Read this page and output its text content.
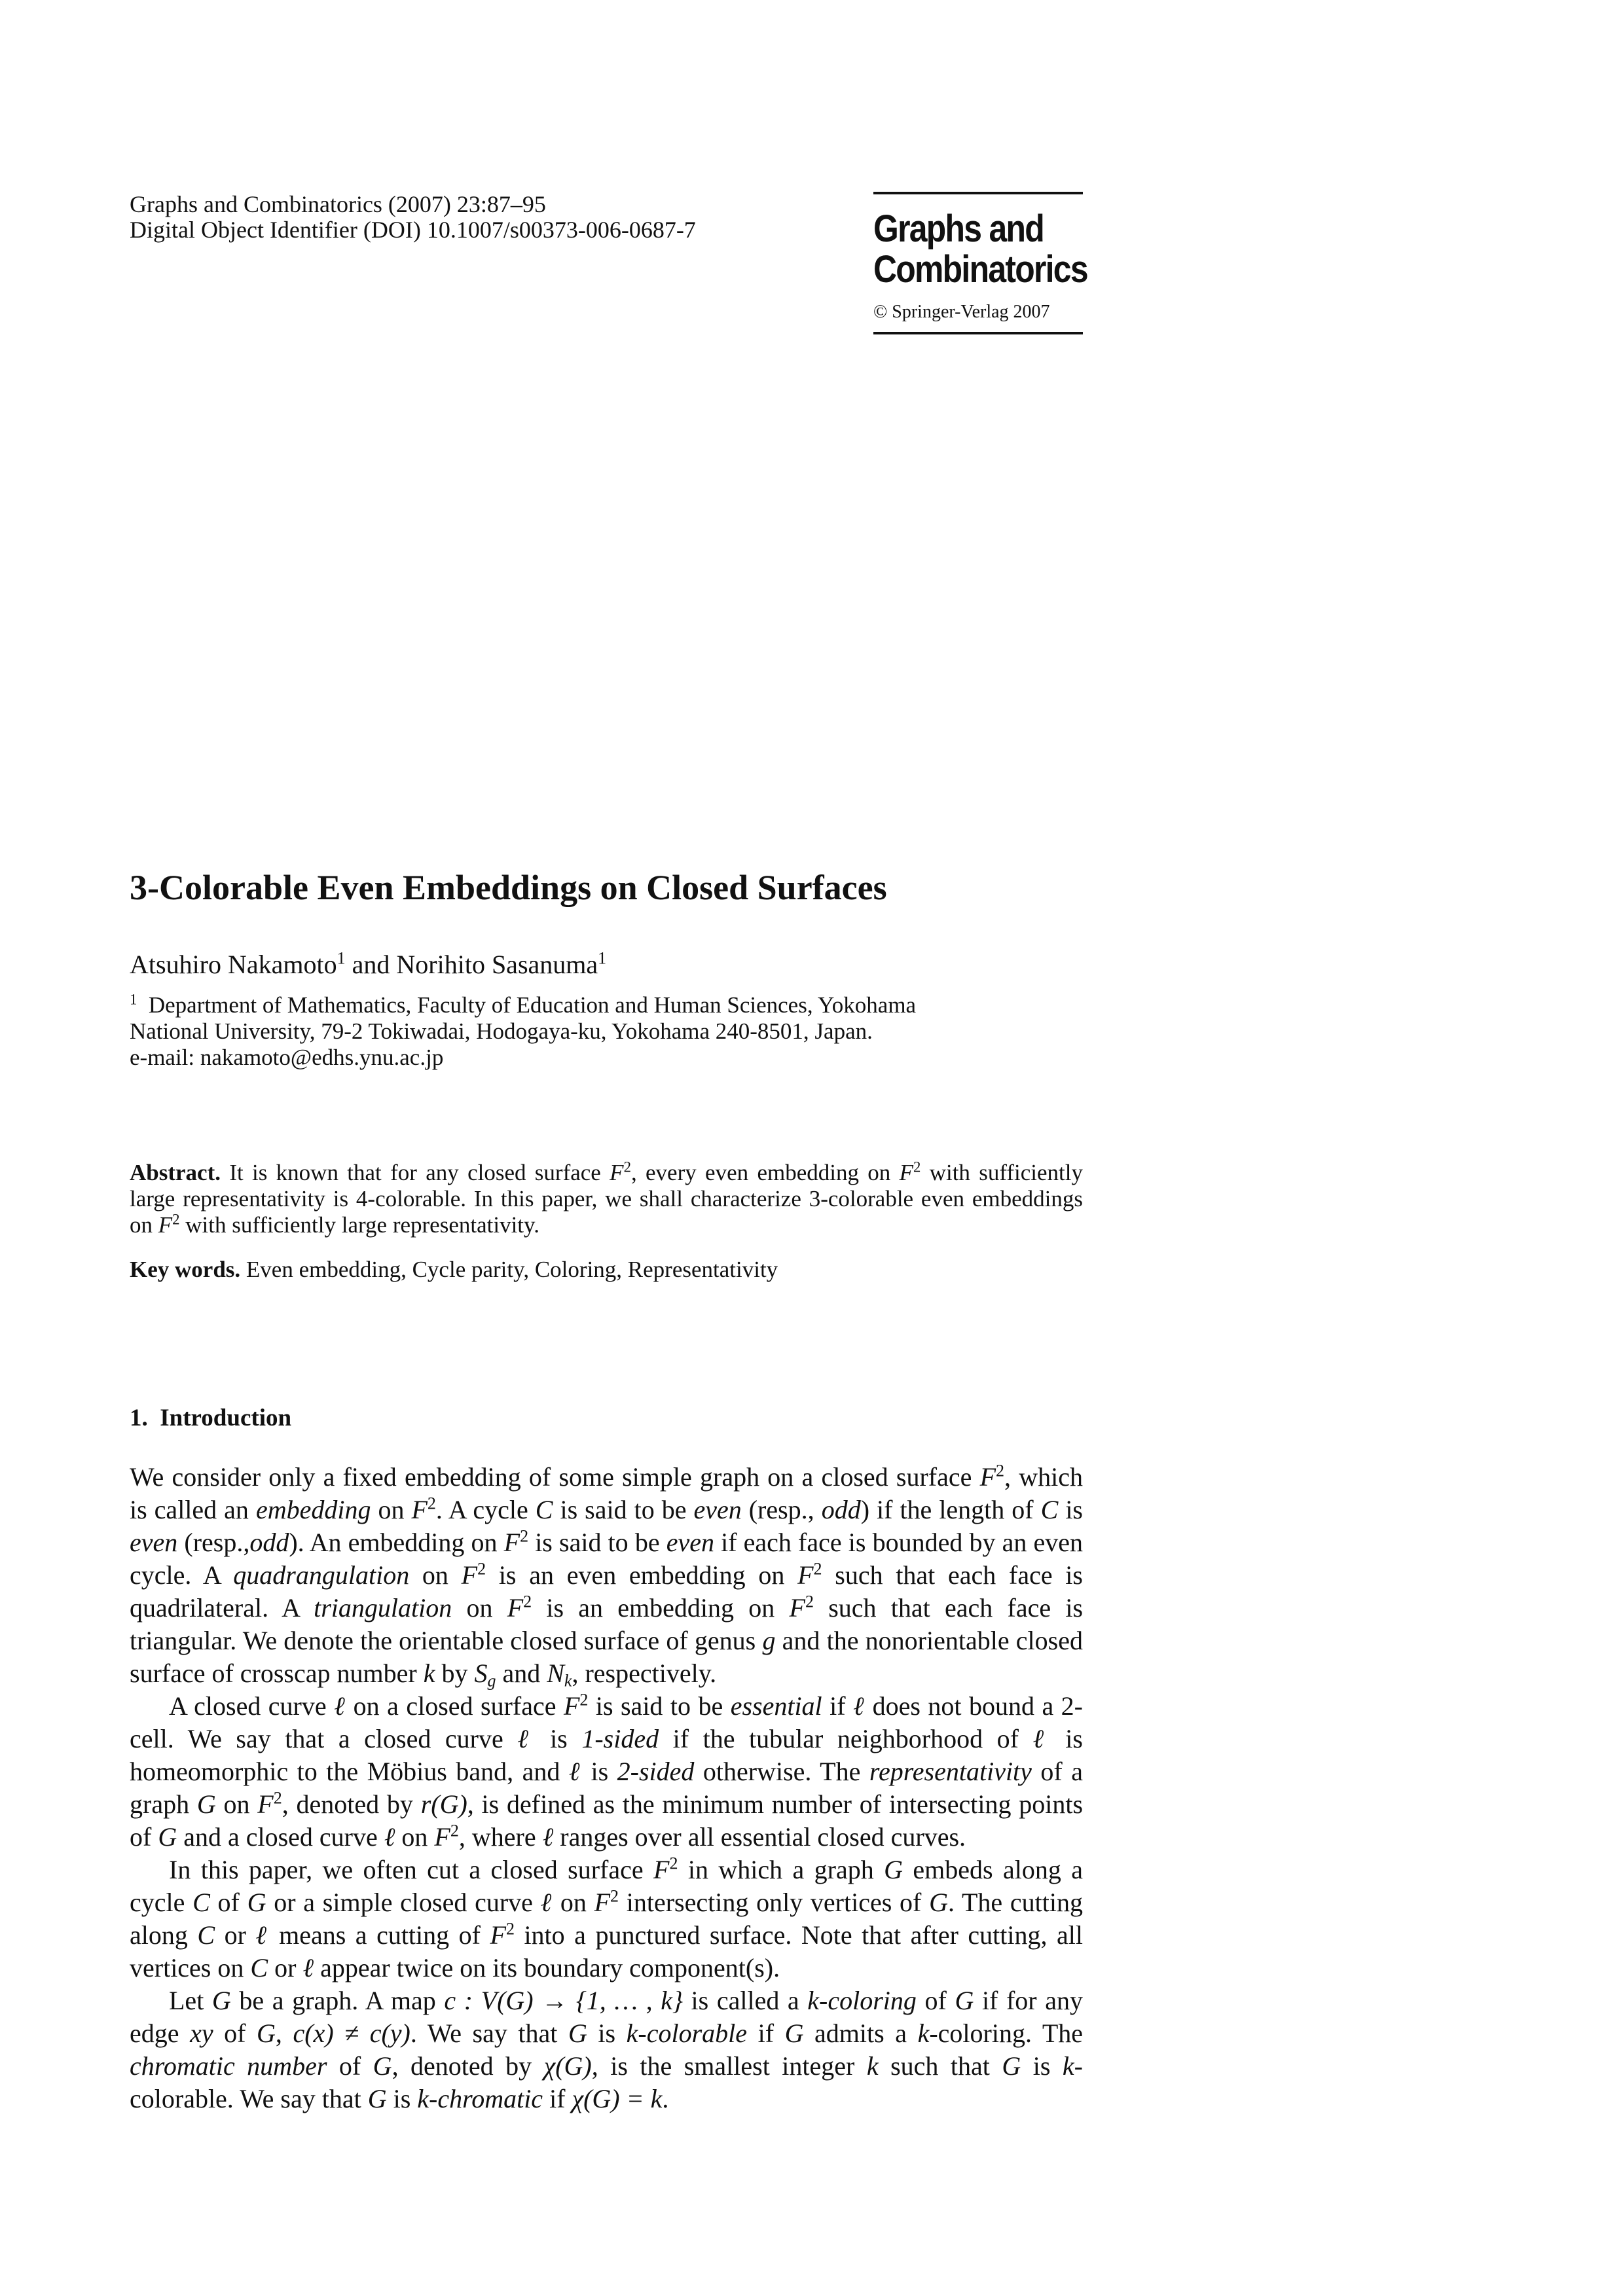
Graphs and Combinatorics (2007) 23:87–95
Digital Object Identifier (DOI) 10.1007/s00373-006-0687-7	Graphs and
Combinatorics
© Springer-Verlag 2007
3-Colorable Even Embeddings on Closed Surfaces
Atsuhiro Nakamoto$^1$ and Norihito Sasanuma$^1$

$^1$ Department of Mathematics, Faculty of Education and Human Sciences, Yokohama

National University, 79-2 Tokiwadai, Hodogaya-ku, Yokohama 240-8501, Japan.

e-mail: nakamoto@edhs.ynu.ac.jp

Abstract. It is known that for any closed surface $F^2$, every even embedding on $F^2$ with sufficiently large representativity is 4-colorable. In this paper, we shall characterize 3-colorable even embeddings on $F^2$ with sufficiently large representativity.
Key words. Even embedding, Cycle parity, Coloring, Representativity
1. Introduction

We consider only a fixed embedding of some simple graph on a closed surface $F^2$, which is called an embedding on $F^2$. A cycle C is said to be even (resp., odd) if the length of C is even (resp.,odd). An embedding on $F^2$ is said to be even if each face is bounded by an even cycle. A quadrangulation on $F^2$ is an even embedding on $F^2$ such that each face is quadrilateral. A triangulation on $F^2$ is an embedding on $F^2$ such that each face is triangular. We denote the orientable closed surface of genus g and the nonorientable closed surface of crosscap number k by $S_g$ and $N_k$, respectively.

A closed curve ℓ on a closed surface $F^2$ is said to be essential if ℓ does not bound a 2-cell. We say that a closed curve ℓ is 1-sided if the tubular neighborhood of ℓ is homeomorphic to the Möbius band, and ℓ is 2-sided otherwise. The representativity of a graph G on $F^2$, denoted by r(G), is defined as the minimum number of intersecting points of G and a closed curve ℓ on $F^2$, where ℓ ranges over all essential closed curves.

In this paper, we often cut a closed surface $F^2$ in which a graph G embeds along a cycle C of G or a simple closed curve ℓ on $F^2$ intersecting only vertices of G. The cutting along C or ℓ means a cutting of $F^2$ into a punctured surface. Note that after cutting, all vertices on C or ℓ appear twice on its boundary component(s).

Let G be a graph. A map c : V(G) → {1, … , k} is called a k-coloring of G if for any edge xy of G, c(x) ≠ c(y). We say that G is k-colorable if G admits a k-coloring. The chromatic number of G, denoted by χ(G), is the smallest integer k such that G is k-colorable. We say that G is k-chromatic if χ(G) = k.
